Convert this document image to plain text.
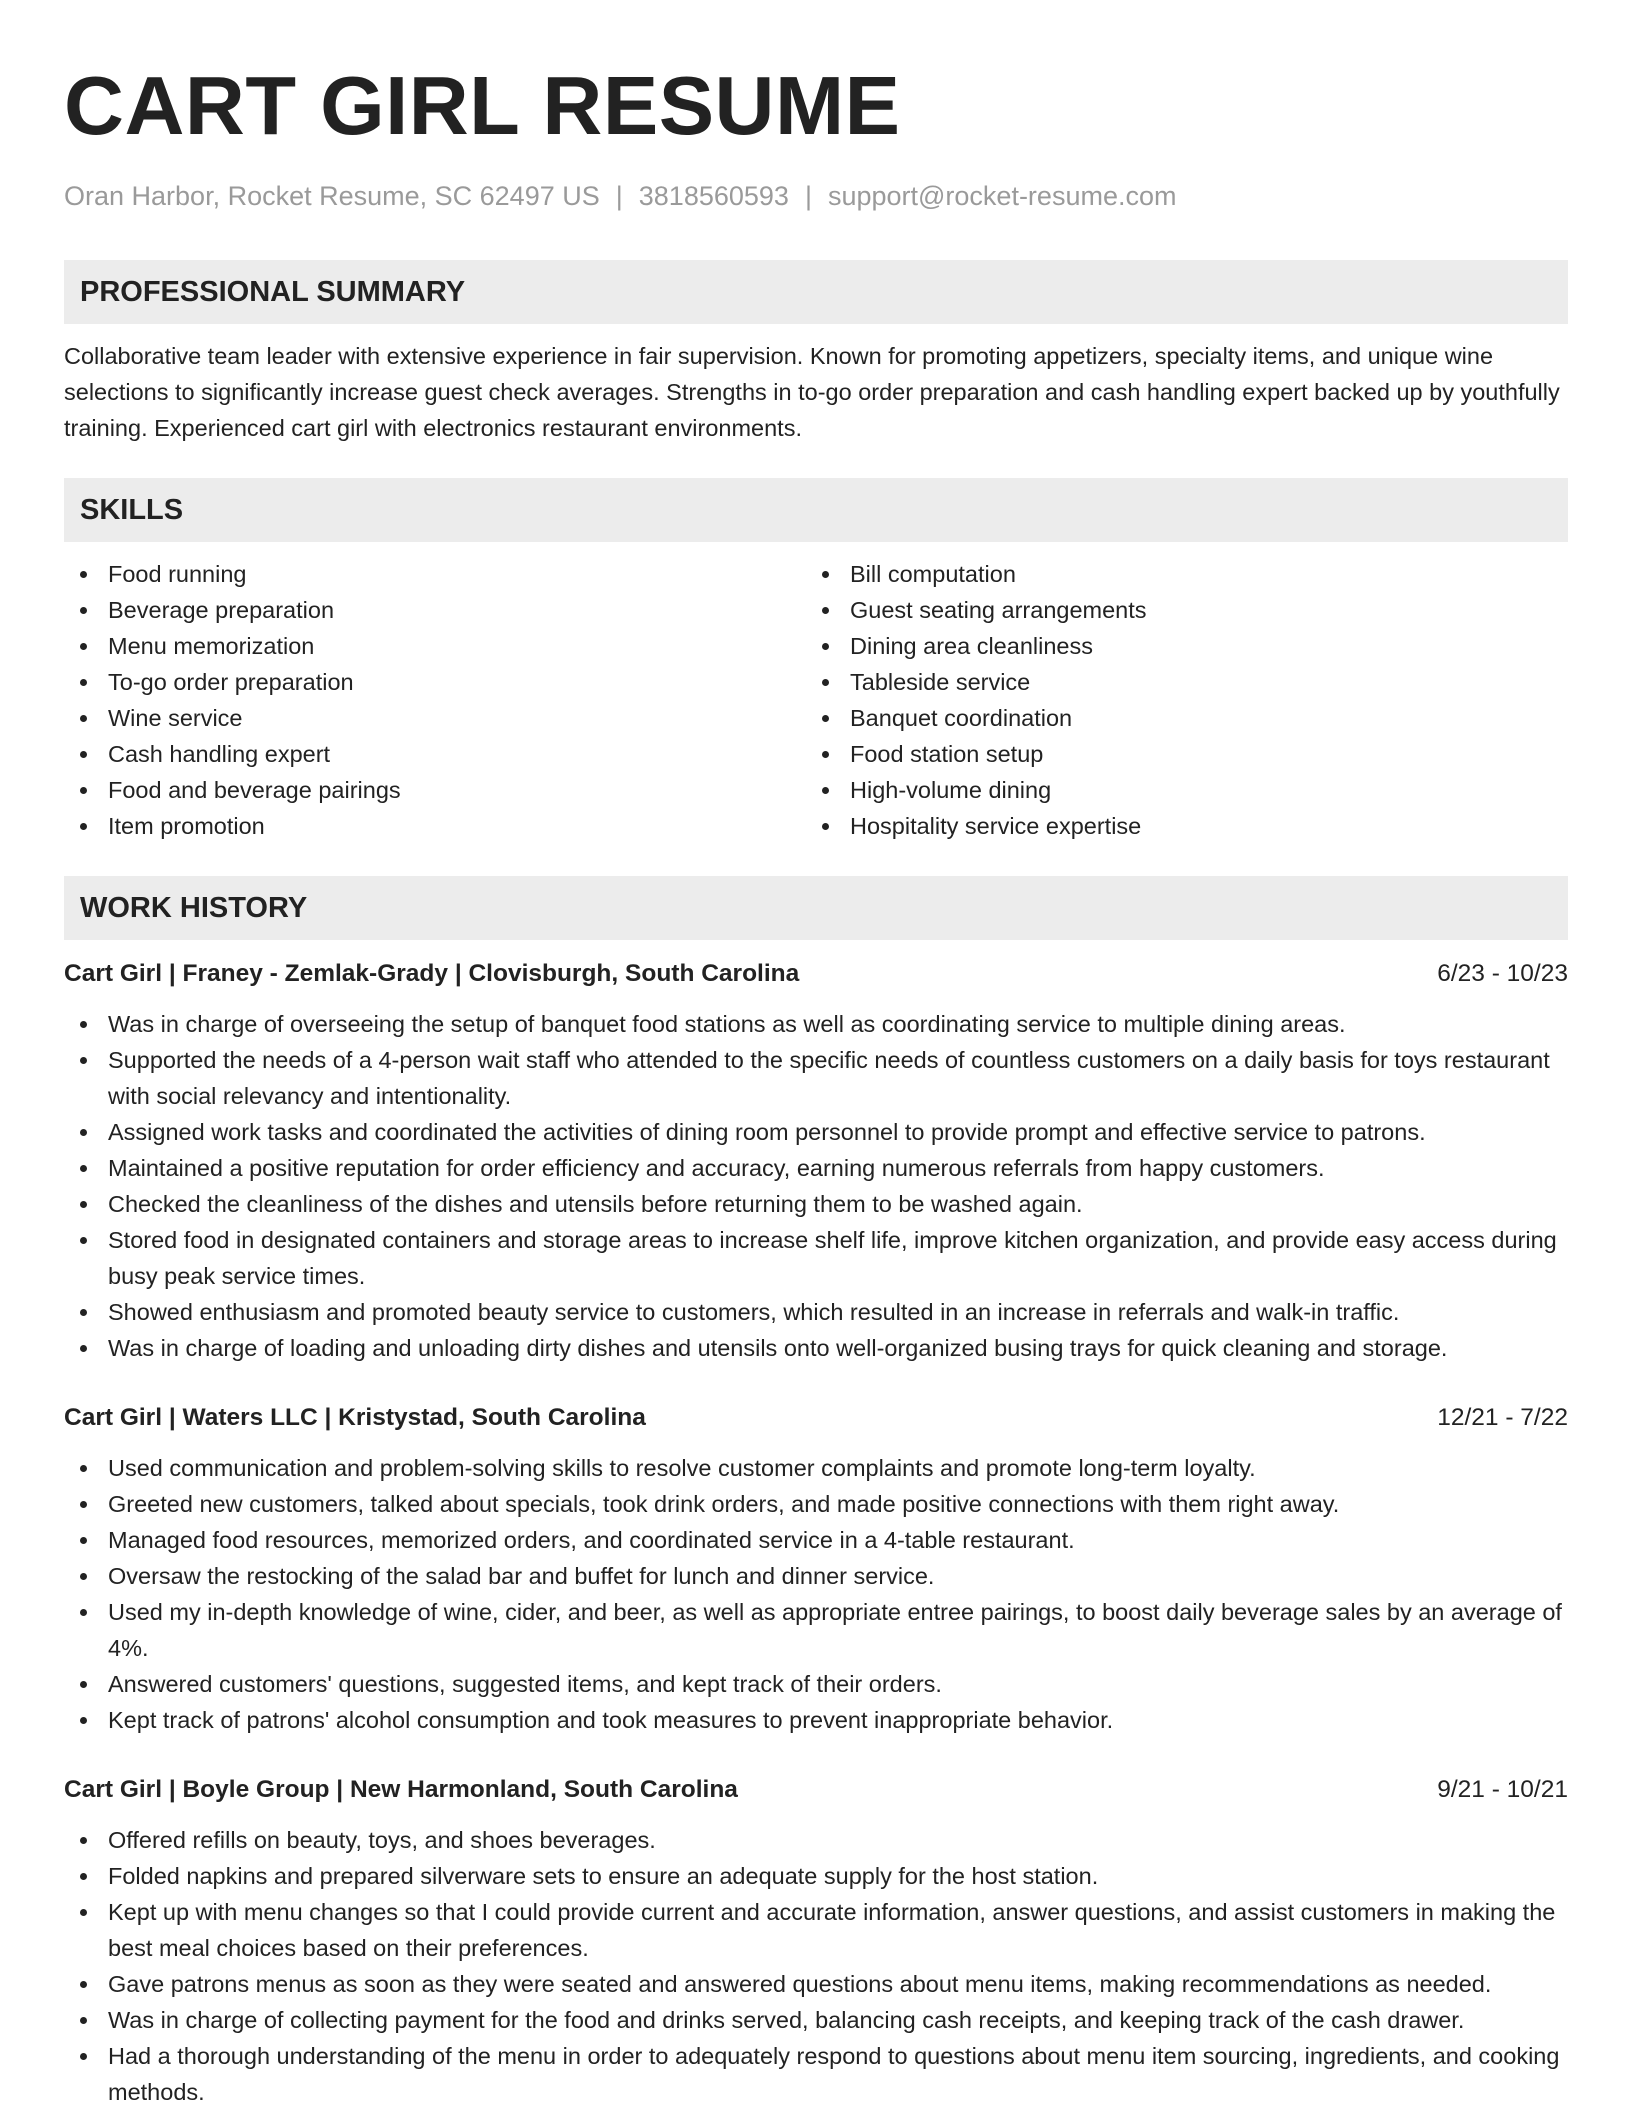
CART GIRL RESUME
Oran Harbor, Rocket Resume, SC 62497 US | 3818560593 | support@rocket-resume.com
PROFESSIONAL SUMMARY

Collaborative team leader with extensive experience in fair supervision. Known for promoting appetizers, specialty items, and unique wine selections to significantly increase guest check averages. Strengths in to-go order preparation and cash handling expert backed up by youthfully training. Experienced cart girl with electronics restaurant environments.

SKILLS
Food running
Beverage preparation
Menu memorization
To-go order preparation
Wine service
Cash handling expert
Food and beverage pairings
Item promotion
Bill computation
Guest seating arrangements
Dining area cleanliness
Tableside service
Banquet coordination
Food station setup
High-volume dining
Hospitality service expertise
WORK HISTORY
Cart Girl | Franey - Zemlak-Grady | Clovisburgh, South Carolina	6/23 - 10/23
Was in charge of overseeing the setup of banquet food stations as well as coordinating service to multiple dining areas.
Supported the needs of a 4-person wait staff who attended to the specific needs of countless customers on a daily basis for toys restaurant with social relevancy and intentionality.
Assigned work tasks and coordinated the activities of dining room personnel to provide prompt and effective service to patrons.
Maintained a positive reputation for order efficiency and accuracy, earning numerous referrals from happy customers.
Checked the cleanliness of the dishes and utensils before returning them to be washed again.
Stored food in designated containers and storage areas to increase shelf life, improve kitchen organization, and provide easy access during busy peak service times.
Showed enthusiasm and promoted beauty service to customers, which resulted in an increase in referrals and walk-in traffic.
Was in charge of loading and unloading dirty dishes and utensils onto well-organized busing trays for quick cleaning and storage.
Cart Girl | Waters LLC | Kristystad, South Carolina	12/21 - 7/22
Used communication and problem-solving skills to resolve customer complaints and promote long-term loyalty.
Greeted new customers, talked about specials, took drink orders, and made positive connections with them right away.
Managed food resources, memorized orders, and coordinated service in a 4-table restaurant.
Oversaw the restocking of the salad bar and buffet for lunch and dinner service.
Used my in-depth knowledge of wine, cider, and beer, as well as appropriate entree pairings, to boost daily beverage sales by an average of 4%.
Answered customers' questions, suggested items, and kept track of their orders.
Kept track of patrons' alcohol consumption and took measures to prevent inappropriate behavior.
Cart Girl | Boyle Group | New Harmonland, South Carolina	9/21 - 10/21
Offered refills on beauty, toys, and shoes beverages.
Folded napkins and prepared silverware sets to ensure an adequate supply for the host station.
Kept up with menu changes so that I could provide current and accurate information, answer questions, and assist customers in making the best meal choices based on their preferences.
Gave patrons menus as soon as they were seated and answered questions about menu items, making recommendations as needed.
Was in charge of collecting payment for the food and drinks served, balancing cash receipts, and keeping track of the cash drawer.
Had a thorough understanding of the menu in order to adequately respond to questions about menu item sourcing, ingredients, and cooking methods.
